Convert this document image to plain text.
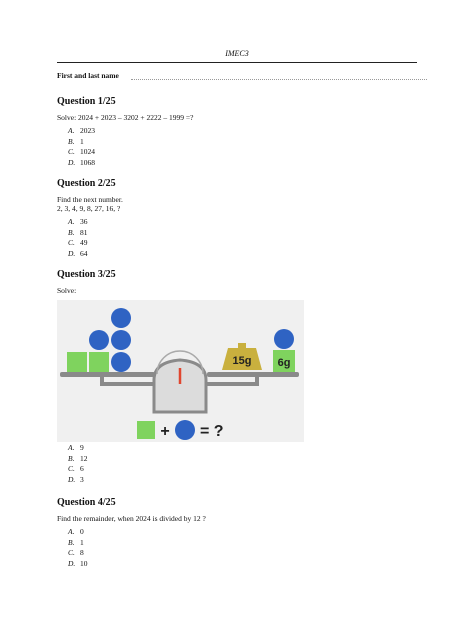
IMEC3
First and last name
Question 1/25

Solve: 2024 + 2023 – 3202 + 2222 – 1999 =?

A. 2023
B. 1
C. 1024
D. 1068
Question 2/25

Find the next number.

2, 3, 4, 9, 8, 27, 16, ?

A. 36
B. 81
C. 49
D. 64
Question 3/25

Solve:

15g 6g
+ = ?
A. 9
B. 12
C. 6
D. 3
Question 4/25

Find the remainder, when 2024 is divided by 12 ?

A. 0
B. 1
C. 8
D. 10
